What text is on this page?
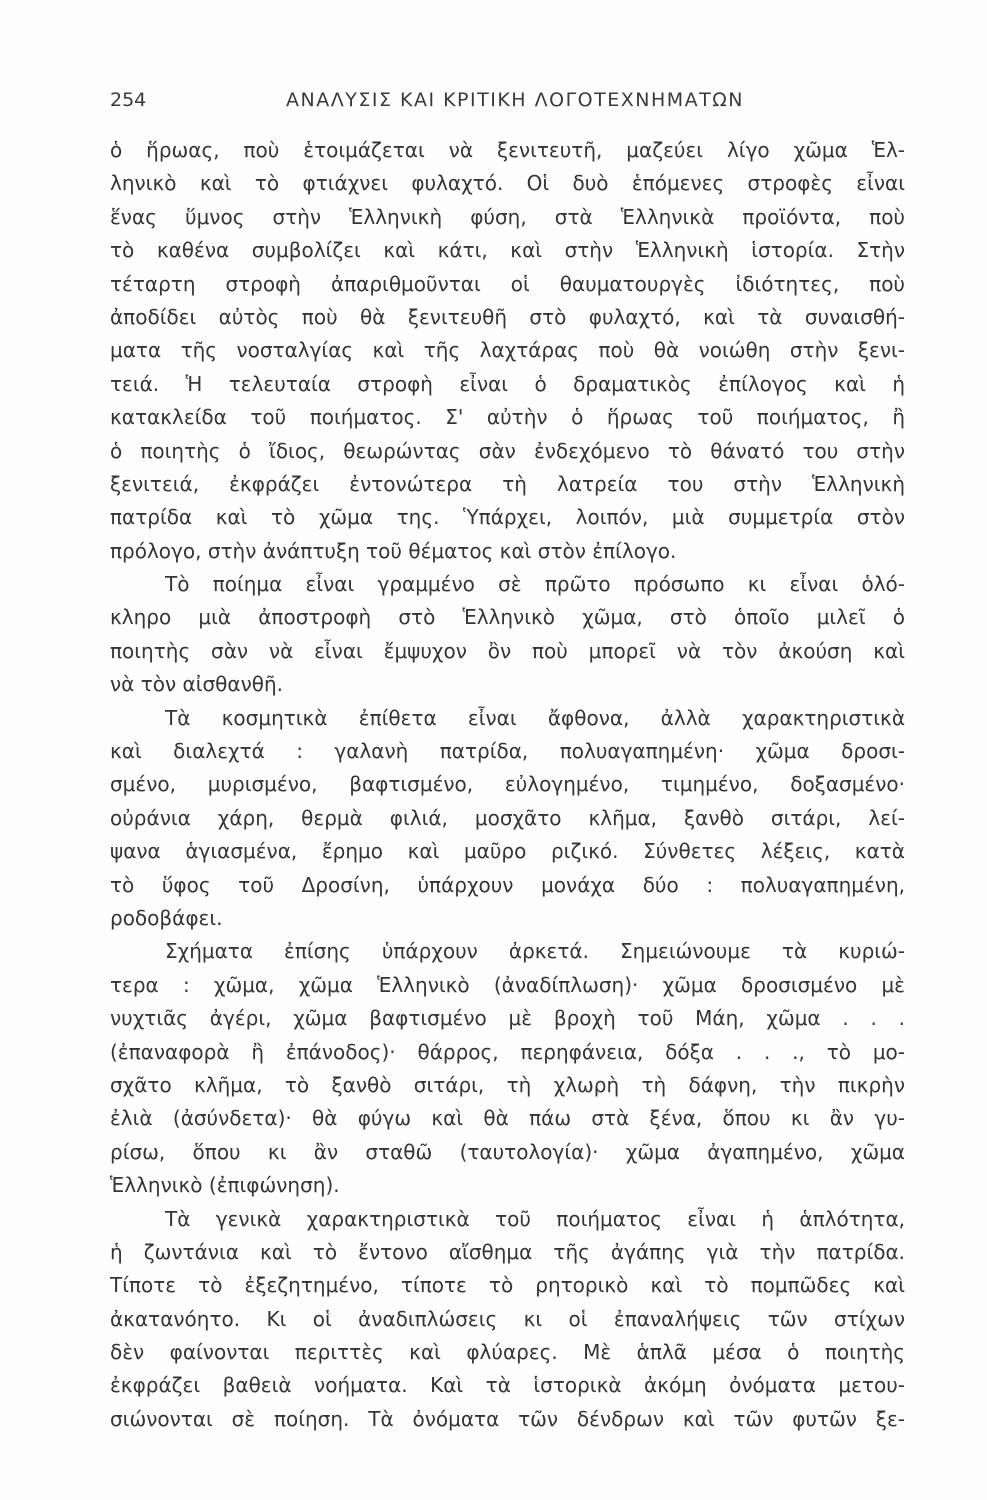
254	ΑΝΑΛΥΣΙΣ ΚΑΙ ΚΡΙΤΙΚΗ ΛΟΓΟΤΕΧΝΗΜΑΤΩΝ
ὁ ἥρωας, ποὺ ἑτοιμάζεται νὰ ξενιτευτῆ, μαζεύει λίγο χῶμα Ἑλ-
ληνικὸ καὶ τὸ φτιάχνει φυλαχτό. Οἱ δυὸ ἑπόμενες στροφὲς εἶναι
ἕνας ὕμνος στὴν Ἑλληνικὴ φύση, στὰ Ἑλληνικὰ προϊόντα, ποὺ
τὸ καθένα συμβολίζει καὶ κάτι, καὶ στὴν Ἑλληνικὴ ἱστορία. Στὴν
τέταρτη στροφὴ ἀπαριθμοῦνται οἱ θαυματουργὲς ἰδιότητες, ποὺ
ἀποδίδει αὐτὸς ποὺ θὰ ξενιτευθῆ στὸ φυλαχτό, καὶ τὰ συναισθή-
ματα τῆς νοσταλγίας καὶ τῆς λαχτάρας ποὺ θὰ νοιώθη στὴν ξενι-
τειά. Ἡ τελευταία στροφὴ εἶναι ὁ δραματικὸς ἐπίλογος καὶ ἡ
κατακλείδα τοῦ ποιήματος. Σ' αὐτὴν ὁ ἥρωας τοῦ ποιήματος, ἢ
ὁ ποιητὴς ὁ ἴδιος, θεωρώντας σὰν ἐνδεχόμενο τὸ θάνατό του στὴν
ξενιτειά, ἐκφράζει ἐντονώτερα τὴ λατρεία του στὴν Ἑλληνικὴ
πατρίδα καὶ τὸ χῶμα της. Ὑπάρχει, λοιπόν, μιὰ συμμετρία στὸν
πρόλογο, στὴν ἀνάπτυξη τοῦ θέματος καὶ στὸν ἐπίλογο.
Τὸ ποίημα εἶναι γραμμένο σὲ πρῶτο πρόσωπο κι εἶναι ὁλό-
κληρο μιὰ ἀποστροφὴ στὸ Ἑλληνικὸ χῶμα, στὸ ὁποῖο μιλεῖ ὁ
ποιητὴς σὰν νὰ εἶναι ἔμψυχον ὂν ποὺ μπορεῖ νὰ τὸν ἀκούση καὶ
νὰ τὸν αἰσθανθῆ.
Τὰ κοσμητικὰ ἐπίθετα εἶναι ἄφθονα, ἀλλὰ χαρακτηριστικὰ
καὶ διαλεχτά : γαλανὴ πατρίδα, πολυαγαπημένη· χῶμα δροσι-
σμένο, μυρισμένο, βαφτισμένο, εὐλογημένο, τιμημένο, δοξασμένο·
οὐράνια χάρη, θερμὰ φιλιά, μοσχᾶτο κλῆμα, ξανθὸ σιτάρι, λεί-
ψανα ἁγιασμένα, ἔρημο καὶ μαῦρο ριζικό. Σύνθετες λέξεις, κατὰ
τὸ ὕφος τοῦ Δροσίνη, ὑπάρχουν μονάχα δύο : πολυαγαπημένη,
ροδοβάφει.
Σχήματα ἐπίσης ὑπάρχουν ἀρκετά. Σημειώνουμε τὰ κυριώ-
τερα : χῶμα, χῶμα Ἑλληνικὸ (ἀναδίπλωση)· χῶμα δροσισμένο μὲ
νυχτιᾶς ἀγέρι, χῶμα βαφτισμένο μὲ βροχὴ τοῦ Μάη, χῶμα . . .
(ἐπαναφορὰ ἢ ἐπάνοδος)· θάρρος, περηφάνεια, δόξα . . ., τὸ μο-
σχᾶτο κλῆμα, τὸ ξανθὸ σιτάρι, τὴ χλωρὴ τὴ δάφνη, τὴν πικρὴν
ἐλιὰ (ἀσύνδετα)· θὰ φύγω καὶ θὰ πάω στὰ ξένα, ὅπου κι ἂν γυ-
ρίσω, ὅπου κι ἂν σταθῶ (ταυτολογία)· χῶμα ἀγαπημένο, χῶμα
Ἑλληνικὸ (ἐπιφώνηση).
Τὰ γενικὰ χαρακτηριστικὰ τοῦ ποιήματος εἶναι ἡ ἁπλότητα,
ἡ ζωντάνια καὶ τὸ ἔντονο αἴσθημα τῆς ἀγάπης γιὰ τὴν πατρίδα.
Τίποτε τὸ ἐξεζητημένο, τίποτε τὸ ρητορικὸ καὶ τὸ πομπῶδες καὶ
ἀκατανόητο. Κι οἱ ἀναδιπλώσεις κι οἱ ἐπαναλήψεις τῶν στίχων
δὲν φαίνονται περιττὲς καὶ φλύαρες. Μὲ ἁπλᾶ μέσα ὁ ποιητὴς
ἐκφράζει βαθειὰ νοήματα. Καὶ τὰ ἱστορικὰ ἀκόμη ὀνόματα μετου-
σιώνονται σὲ ποίηση. Τὰ ὀνόματα τῶν δένδρων καὶ τῶν φυτῶν ξε-
